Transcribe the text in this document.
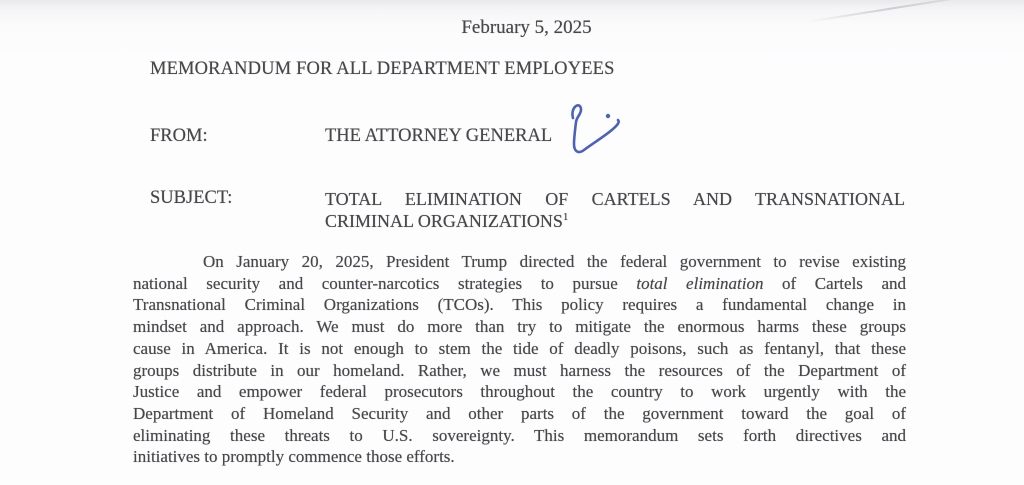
February 5, 2025
MEMORANDUM FOR ALL DEPARTMENT EMPLOYEES
FROM:	THE ATTORNEY GENERAL
SUBJECT:	TOTAL ELIMINATION OF CARTELS AND TRANSNATIONAL
CRIMINAL ORGANIZATIONS$^1$
On January 20, 2025, President Trump directed the federal government to revise existing
national security and counter-narcotics strategies to pursue total elimination of Cartels and
Transnational Criminal Organizations (TCOs). This policy requires a fundamental change in
mindset and approach. We must do more than try to mitigate the enormous harms these groups
cause in America. It is not enough to stem the tide of deadly poisons, such as fentanyl, that these
groups distribute in our homeland. Rather, we must harness the resources of the Department of
Justice and empower federal prosecutors throughout the country to work urgently with the
Department of Homeland Security and other parts of the government toward the goal of
eliminating these threats to U.S. sovereignty. This memorandum sets forth directives and
initiatives to promptly commence those efforts.
